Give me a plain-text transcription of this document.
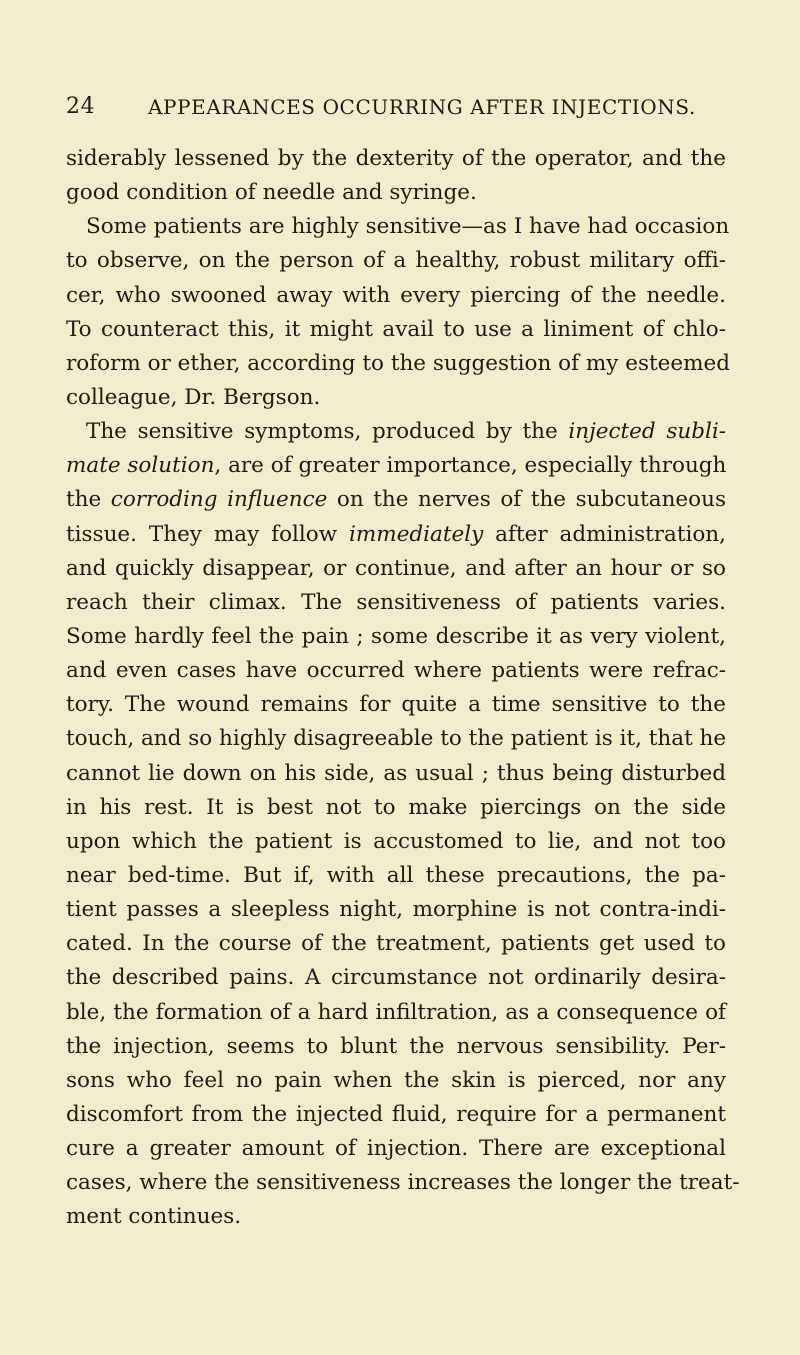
24	APPEARANCES OCCURRING AFTER INJECTIONS.
siderably lessened by the dexterity of the operator, and the
good condition of needle and syringe.
Some patients are highly sensitive—as I have had occasion
to observe, on the person of a healthy, robust military offi-
cer, who swooned away with every piercing of the needle.
To counteract this, it might avail to use a liniment of chlo-
roform or ether, according to the suggestion of my esteemed
colleague, Dr. Bergson.
The sensitive symptoms, produced by the injected subli-
mate solution, are of greater importance, especially through
the corroding influence on the nerves of the subcutaneous
tissue. They may follow immediately after administration,
and quickly disappear, or continue, and after an hour or so
reach their climax. The sensitiveness of patients varies.
Some hardly feel the pain ; some describe it as very violent,
and even cases have occurred where patients were refrac-
tory. The wound remains for quite a time sensitive to the
touch, and so highly disagreeable to the patient is it, that he
cannot lie down on his side, as usual ; thus being disturbed
in his rest. It is best not to make piercings on the side
upon which the patient is accustomed to lie, and not too
near bed-time. But if, with all these precautions, the pa-
tient passes a sleepless night, morphine is not contra-indi-
cated. In the course of the treatment, patients get used to
the described pains. A circumstance not ordinarily desira-
ble, the formation of a hard infiltration, as a consequence of
the injection, seems to blunt the nervous sensibility. Per-
sons who feel no pain when the skin is pierced, nor any
discomfort from the injected fluid, require for a permanent
cure a greater amount of injection. There are exceptional
cases, where the sensitiveness increases the longer the treat-
ment continues.
